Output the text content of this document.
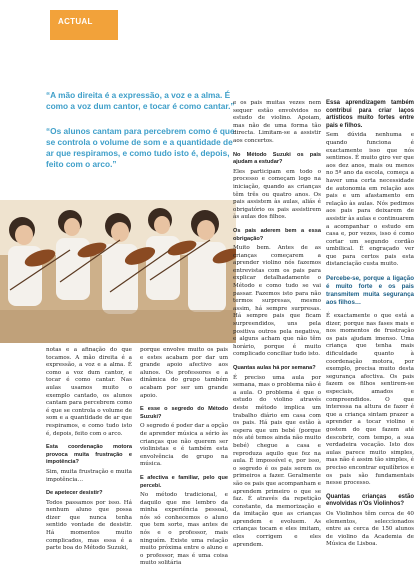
ACTUAL

“A mão direita é a expressão, a voz e a alma. É como a voz dum cantor, e tocar é como cantar.”

“Os alunos cantam para percebrem como é que se controla o volume de som e a quantidade de ar que respiramos, e como tudo isto é, depois, feito com o arco.”

notas e a afinação do que tocamos. A mão direita é a expressão, a voz e a alma. É como a voz dum cantor, e tocar é como cantar. Nas aulas usamos muito o exemplo cantado, os alunos cantam para percebrem como é que se controla o volume de som e a quantidade de ar que respiramos, e como tudo isto é, depois, feito com o arco.

Esta coordenação motora provoca muita frustração e impotência?

Sim, muita frustração e muita impotência…

De apetecer desistir?

Todos passamos por isso. Há nenhum aluno que possa dizer que nunca tenha sentido vontade de desistir. Há momentos muito complicados, mas essa é a parte boa do Método Suzuki,

porque envolve muito os pais e estes acabam por dar um grande apoio afectivo aos alunos. Os professores e a dinâmica do grupo também acabam por ser um grande apoio.

E esse o segredo do Método Suzuki?

O segredo é poder dar a opção de aprender música a sério às crianças que não querem ser violinistas e é também esta envolvência de grupo na música.

E afectiva e familiar, pelo que percebi.

No método tradicional, e daquilo que me lembro da minha experiência pessoal, nós só conhecemos o aluno que tem sorte, mas antes de nós e o professor, mais ninguém. Existe uma relação muito próxima entre o aluno e o professor, mas é uma coisa muito solitária

e os pais muitas vezes nem sequer estão envolvidos no estudo de violino. Apoiam, mas não de uma forma tão directa. Limitam-se a assistir aos concertos.

No Método Suzuki os pais ajudam a estudar?

Eles participam em todo o processo e começam logo na iniciação, quando as crianças têm três ou quatro anos. Os pais assistem às aulas, aliás é obrigatório os pais assistirem às aulas dos filhos.

Os pais aderem bem a essa obrigação?

Muito bem. Antes de as crianças começarem a aprender violino nós fazemos entrevistas com os pais para explicar detalhadamente o Método e como tudo se vai passar. Fazemos isto para não termos surpresas, mesmo assim, há sempre surpresas. Há sempre pais que ficam surpreendidos, uns pela positiva outros pela negativa, e alguns acham que não têm horário, porque é muito complicado conciliar tudo isto.

Quantas aulas há por semana?

É preciso uma aula por semana, mas o problema não é a aula. O problema é que o estudo do violino através deste método implica um trabalho diário em casa com os pais. Há pais que estão à espera que um bebé (porque nós até temos ainda não muito bebé) chegue a casa e reproduza aquilo que fez na aula. É impossível e, por isso, o segredo é os pais serem os primeiros a fazer. Geralmente são os pais que acompanham e aprendem primeiro o que se faz. É através da repetição constante, da memorização e da imitação que as crianças aprendem e evoluem. As crianças tocam e eles imitam, eles corrigem e eles aprendem.

Essa aprendizagem também contribui para criar laços artísticos muito fortes entre pais e filhos.

Sem dúvida nenhuma e quando funciona é exactamente isso que nós sentimos. É muito giro ver que aos dez anos, mais ou menos no 5º ano da escola, começa a haver uma certa necessidade de autonomia em relação aos pais e um afastamento em relação às aulas. Nós pedimos aos pais para deixarem de assistir às aulas e continuarem a acompanhar o estudo em casa e, por vezes, isso é como cortar um segundo cordão umbilical. É engraçado ver que para certos pais esta distanciação custa muito.

Percebe-se, porque a ligação é muito forte e os pais transmitem muita segurança aos filhos…

É exactamente o que está a dizer, porque nas fases mais e nos momentos de frustração os pais ajudam imenso. Uma criança que tenha mais dificuldade quanto à coordenação motora, por exemplo, precisa muito desta segurança afectiva. Os pais fazem os filhos sentirem-se especiais, amados e compreendidos. O que interessa na altura de fazer é que a criança sintam prazer a aprender a tocar violino e gostem do que fazem até descobrir, com tempo, a sua verdadeira vocação. Isto dos aulas parece muito simples, mas não é assim tão simples, é preciso encontrar equilíbrios e os pais são fundamentais nesse processo.

Quantas crianças estão envolvidas n'Os Violinhos?

Os Violinhos têm cerca de 40 elementos, seleccionados entre as cerca de 150 alunos de violino da Academia de Música de Lisboa.
